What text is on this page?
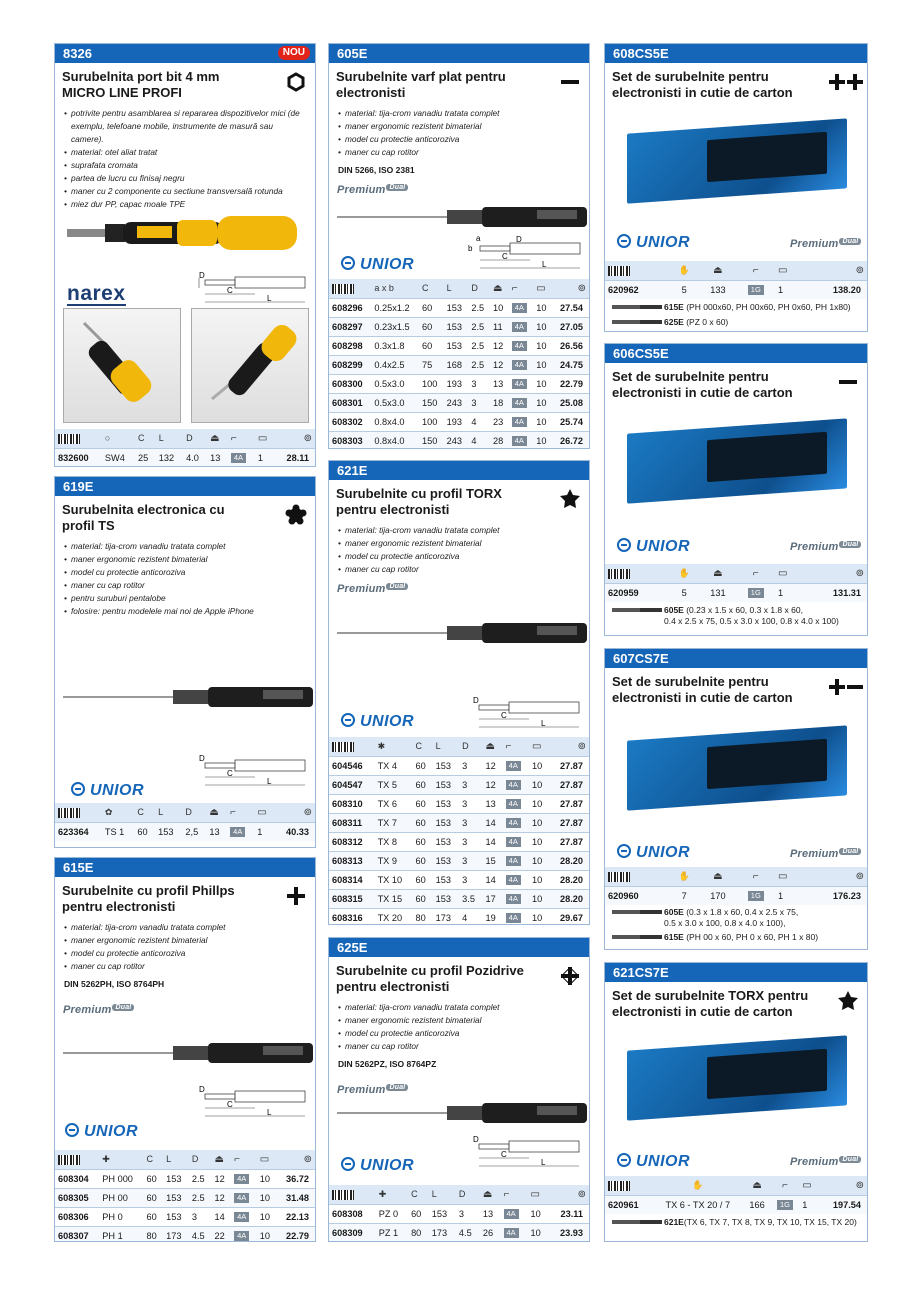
8326	NOU
Surubelnita port bit 4 mm
MICRO LINE PROFI
• potrivite pentru asamblarea si repararea dispozitivelor mici (de exemplu, telefoane mobile, instrumente de masură sau camere).
• material: otel aliat tratat
• suprafata cromata
• partea de lucru cu finisaj negru
• maner cu 2 componente cu sectiune transversală rotunda
• miez dur PP, capac moale TPE
narex
D
C
L
	○	C	L	D	⏏	⌐	▭	⊚
832600	SW4	25	132	4.0	13	4A	1	28.11
619E
Surubelnita electronica cu
profil TS
• material: tija-crom vanadiu tratata complet
• maner ergonomic rezistent bimaterial
• model cu protectie anticoroziva
• maner cu cap rotitor
• pentru suruburi pentalobe
• folosire: pentru modelele mai noi de Apple iPhone
D
C
L
UNIOR
	✿	C	L	D	⏏	⌐	▭	⊚
623364	TS 1	60	153	2,5	13	4A	1	40.33
615E
Surubelnite cu profil Phillps
pentru electronisti
• material: tija-crom vanadiu tratata complet
• maner ergonomic rezistent bimaterial
• model cu protectie anticoroziva
• maner cu cap rotitor
DIN 5262PH, ISO 8764PH
Premium Dual
D
C
L
UNIOR
	✚	C	L	D	⏏	⌐	▭	⊚
608304	PH 000	60	153	2.5	12	4A	10	36.72
608305	PH 00	60	153	2.5	12	4A	10	31.48
608306	PH 0	60	153	3	14	4A	10	22.13
608307	PH 1	80	173	4.5	22	4A	10	22.79
605E
Surubelnite varf plat pentru
electronisti
• material: tija-crom vanadiu tratata complet
• maner ergonomic rezistent bimaterial
• model cu protectie anticoroziva
• maner cu cap rotitor
DIN 5266, ISO 2381
Premium Dual
a
b
D
C
L
UNIOR
	a x b	C	L	D	⏏	⌐	▭	⊚
608296	0.25x1.2	60	153	2.5	10	4A	10	27.54
608297	0.23x1.5	60	153	2.5	11	4A	10	27.05
608298	0.3x1.8	60	153	2.5	12	4A	10	26.56
608299	0.4x2.5	75	168	2.5	12	4A	10	24.75
608300	0.5x3.0	100	193	3	13	4A	10	22.79
608301	0.5x3.0	150	243	3	18	4A	10	25.08
608302	0.8x4.0	100	193	4	23	4A	10	25.74
608303	0.8x4.0	150	243	4	28	4A	10	26.72
621E
Surubelnite cu profil TORX
pentru electronisti
• material: tija-crom vanadiu tratata complet
• maner ergonomic rezistent bimaterial
• model cu protectie anticoroziva
• maner cu cap rotitor
Premium Dual
D
C
L
UNIOR
	✱	C	L	D	⏏	⌐	▭	⊚
604546	TX 4	60	153	3	12	4A	10	27.87
604547	TX 5	60	153	3	12	4A	10	27.87
608310	TX 6	60	153	3	13	4A	10	27.87
608311	TX 7	60	153	3	14	4A	10	27.87
608312	TX 8	60	153	3	14	4A	10	27.87
608313	TX 9	60	153	3	15	4A	10	28.20
608314	TX 10	60	153	3	14	4A	10	28.20
608315	TX 15	60	153	3.5	17	4A	10	28.20
608316	TX 20	80	173	4	19	4A	10	29.67
625E
Surubelnite cu profil Pozidrive
pentru electronisti
• material: tija-crom vanadiu tratata complet
• maner ergonomic rezistent bimaterial
• model cu protectie anticoroziva
• maner cu cap rotitor
DIN 5262PZ, ISO 8764PZ
Premium Dual
D
C
L
UNIOR
	✚	C	L	D	⏏	⌐	▭	⊚
608308	PZ 0	60	153	3	13	4A	10	23.11
608309	PZ 1	80	173	4.5	26	4A	10	23.93
608CS5E
Set de surubelnite pentru
electronisti in cutie de carton
UNIOR	Premium Dual
	✋	⏏	⌐	▭	⊚
620962	5	133	1G	1	138.20
615E (PH 000x60, PH 00x60, PH 0x60, PH 1x80)
625E (PZ 0 x 60)
606CS5E
Set de surubelnite pentru
electronisti in cutie de carton
UNIOR	Premium Dual
	✋	⏏	⌐	▭	⊚
620959	5	131	1G	1	131.31
605E (0.23 x 1.5 x 60, 0.3 x 1.8 x 60,
0.4 x 2.5 x 75, 0.5 x 3.0 x 100, 0.8 x 4.0 x 100)
607CS7E
Set de surubelnite pentru
electronisti in cutie de carton
UNIOR	Premium Dual
	✋	⏏	⌐	▭	⊚
620960	7	170	1G	1	176.23
605E (0.3 x 1.8 x 60, 0.4 x 2.5 x 75,
0.5 x 3.0 x 100, 0.8 x 4.0 x 100),
615E (PH 00 x 60, PH 0 x 60, PH 1 x 80)
621CS7E
Set de surubelnite TORX pentru
electronisti in cutie de carton
UNIOR	Premium Dual
	✋	⏏	⌐	▭	⊚
620961	TX 6 - TX 20 / 7	166	1G	1	197.54
621E(TX 6, TX 7, TX 8, TX 9, TX 10, TX 15, TX 20)
